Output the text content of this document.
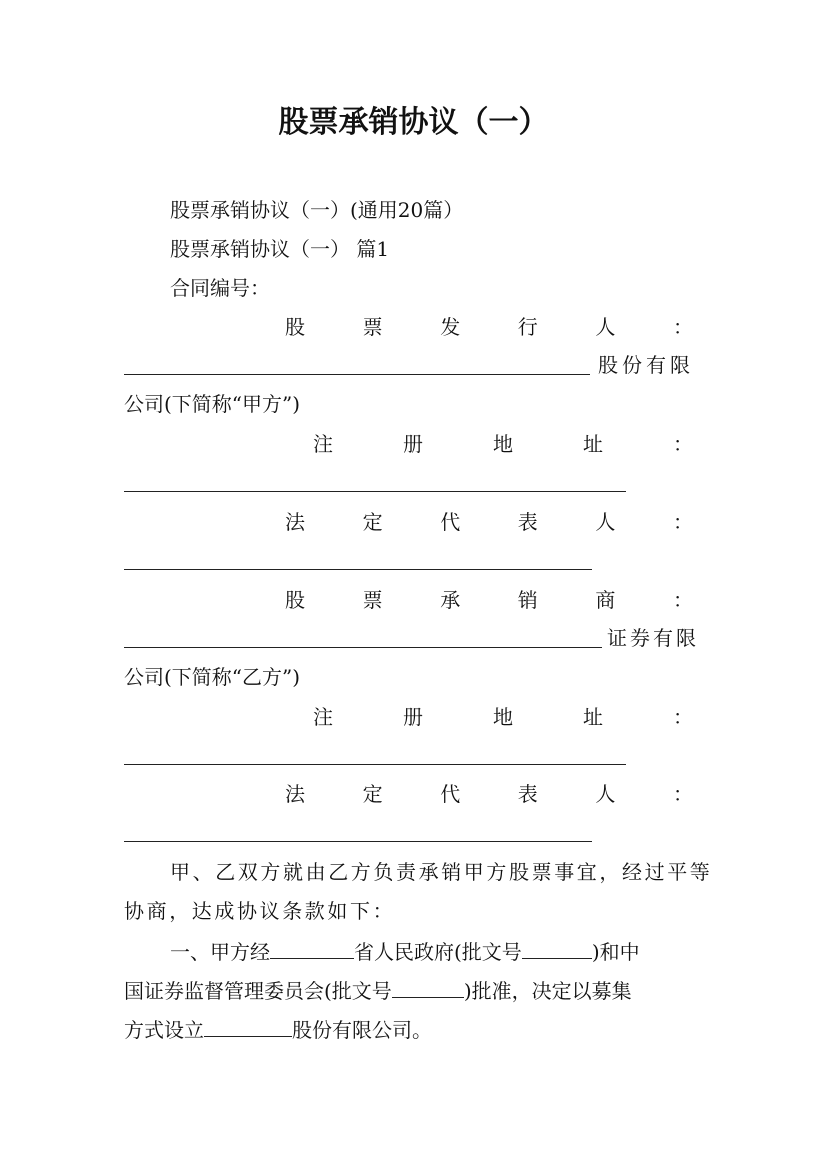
股票承销协议（一）
股票承销协议（一）(通用20篇）
股票承销协议（一） 篇1
合同编号：
股	票	发	行	人	：
股份有限
公司(下简称“甲方”)
注	册	地	址	：
法	定	代	表	人	：
股	票	承	销	商	：
证券有限
公司(下简称“乙方”)
注	册	地	址	：
法	定	代	表	人	：
甲、乙双方就由乙方负责承销甲方股票事宜，经过平等
协商，达成协议条款如下：
一、甲方经	省人民政府(批文号	)和中
国证券监督管理委员会(批文号	)批准，决定以募集
方式设立	股份有限公司。
